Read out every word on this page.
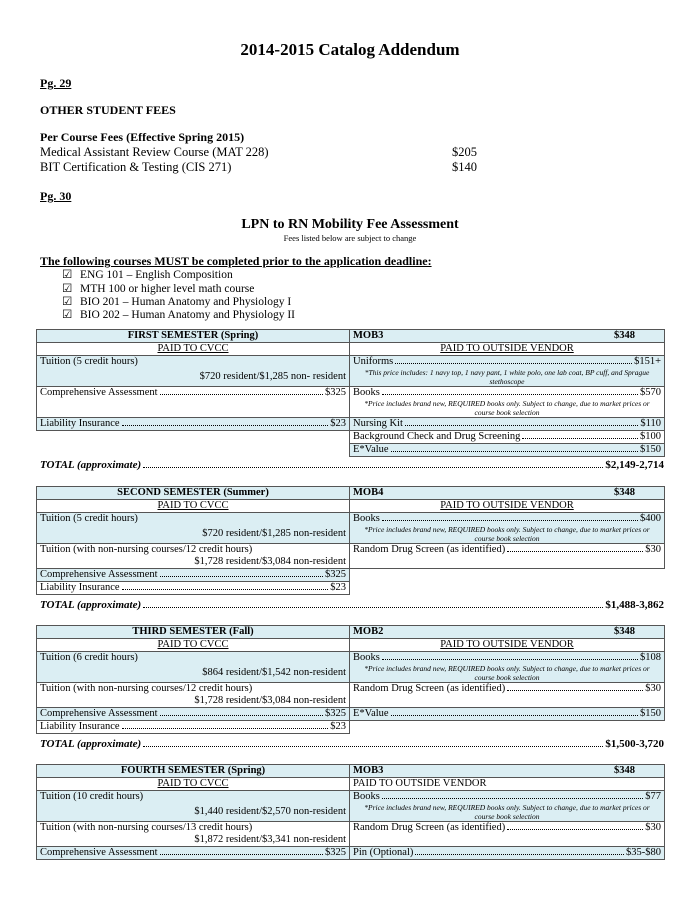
2014-2015 Catalog Addendum
Pg. 29
OTHER STUDENT FEES
Per Course Fees (Effective Spring 2015)
Medical Assistant Review Course (MAT 228)	$205
BIT Certification & Testing (CIS 271)	$140
Pg. 30
LPN to RN Mobility Fee Assessment
Fees listed below are subject to change
The following courses MUST be completed prior to the application deadline:
☑ ENG 101 – English Composition
☑ MTH 100 or higher level math course
☑ BIO 201 – Human Anatomy and Physiology I
☑ BIO 202 – Human Anatomy and Physiology II
FIRST SEMESTER (Spring)	MOB3 $348

PAID TO CVCC	PAID TO OUTSIDE VENDOR
Tuition (5 credit hours)
$720 resident/$1,285 non- resident	Uniforms $151+
*This price includes: 1 navy top, 1 navy pant, 1 white polo, one lab coat, BP cuff, and Sprague stethoscope

Comprehensive Assessment $325	Books $570
*Price includes brand new, REQUIRED books only. Subject to change, due to market prices or course book selection

Liability Insurance $23	Nursing Kit $110

	Background Check and Drug Screening $100

	E*Value $150
TOTAL (approximate)	$2,149-2,714
SECOND SEMESTER (Summer)	MOB4 $348

PAID TO CVCC	PAID TO OUTSIDE VENDOR
Tuition (5 credit hours)
$720 resident/$1,285 non-resident	Books $400
*Price includes brand new, REQUIRED books only. Subject to change, due to market prices or course book selection

Tuition (with non-nursing courses/12 credit hours)
$1,728 resident/$3,084 non-resident	Random Drug Screen (as identified) $30

Comprehensive Assessment $325	

Liability Insurance $23	

TOTAL (approximate)	$1,488-3,862
THIRD SEMESTER (Fall)	MOB2 $348

PAID TO CVCC	PAID TO OUTSIDE VENDOR
Tuition (6 credit hours)
$864 resident/$1,542 non-resident	Books $108
*Price includes brand new, REQUIRED books only. Subject to change, due to market prices or course book selection

Tuition (with non-nursing courses/12 credit hours)
$1,728 resident/$3,084 non-resident	Random Drug Screen (as identified) $30

Comprehensive Assessment $325	E*Value $150

Liability Insurance $23	

TOTAL (approximate)	$1,500-3,720
FOURTH SEMESTER (Spring)	MOB3 $348

PAID TO CVCC	PAID TO OUTSIDE VENDOR
Tuition (10 credit hours)
$1,440 resident/$2,570 non-resident	Books $77
*Price includes brand new, REQUIRED books only. Subject to change, due to market prices or course book selection

Tuition (with non-nursing courses/13 credit hours)
$1,872 resident/$3,341 non-resident	Random Drug Screen (as identified) $30

Comprehensive Assessment $325	Pin (Optional) $35-$80
